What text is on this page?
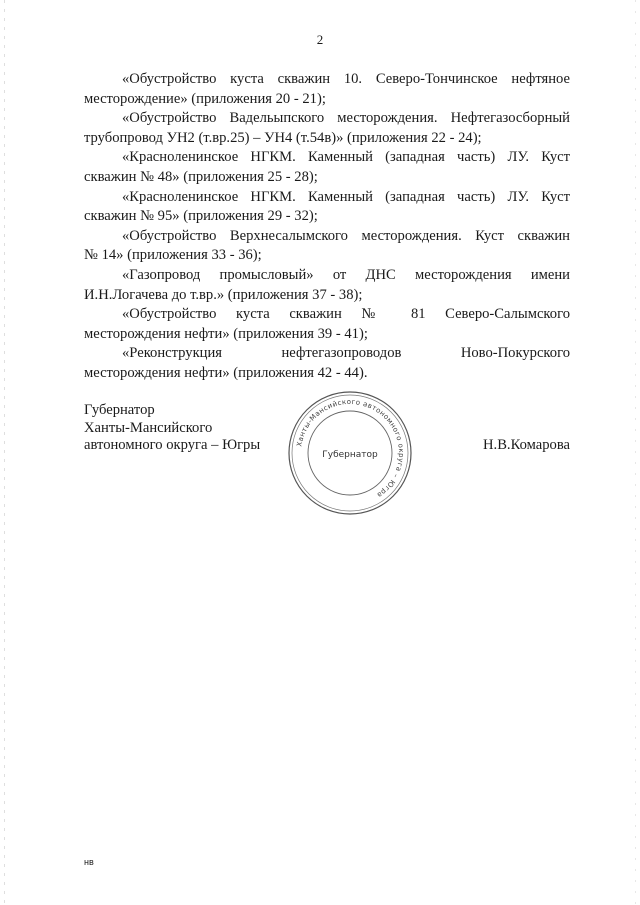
2

«Обустройство куста скважин 10. Северо-Тончинское нефтяное
месторождение» (приложения 20 - 21);

«Обустройство Вадельыпского месторождения. Нефтегазосборный
трубопровод УН2 (т.вр.25) – УН4 (т.54в)» (приложения 22 - 24);

«Красноленинское НГКМ. Каменный (западная часть) ЛУ. Куст
скважин № 48» (приложения 25 - 28);

«Красноленинское НГКМ. Каменный (западная часть) ЛУ. Куст
скважин № 95» (приложения 29 - 32);

«Обустройство Верхнесалымского месторождения. Куст скважин
№ 14» (приложения 33 - 36);

«Газопровод промысловый» от ДНС месторождения имени
И.Н.Логачева до т.вр.» (приложения 37 - 38);

«Обустройство куста скважин № 81 Северо-Салымского
месторождения нефти» (приложения 39 - 41);

«Реконструкция нефтегазопроводов Ново-Покурского
месторождения нефти» (приложения 42 - 44).

Губернатор
Ханты-Мансийского
автономного округа – Югры	Ханты-Мансийского автономного округа – Югра
Губернатор
Н.В.Комарова
нв
